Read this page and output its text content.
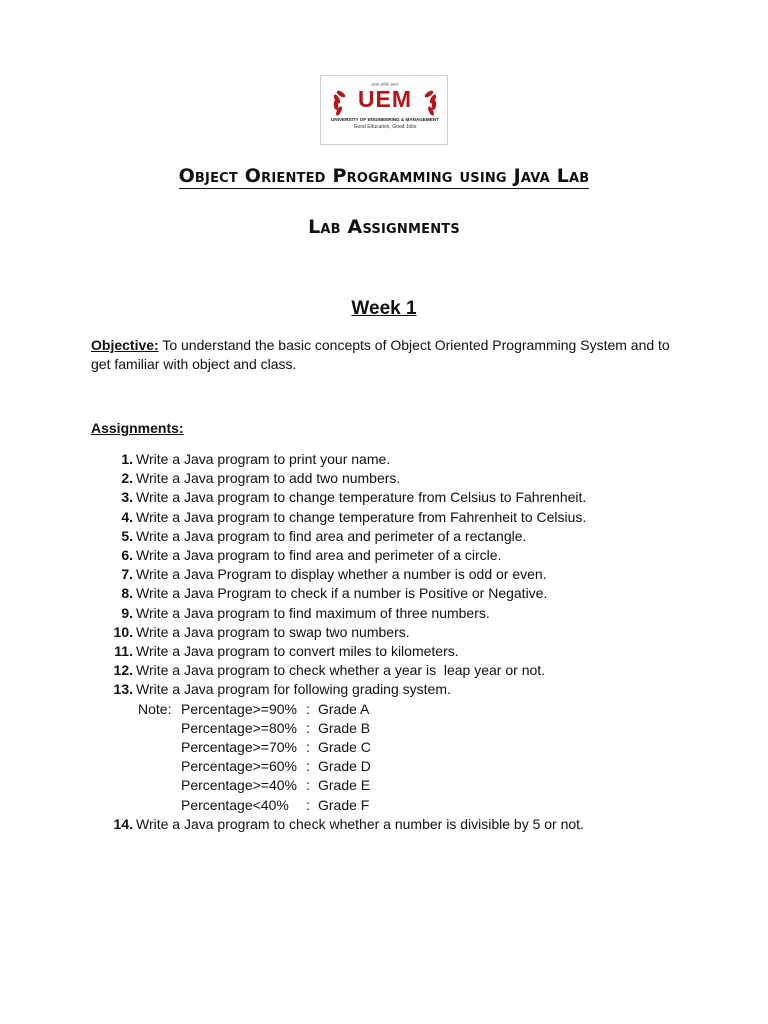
ज्ञानम् शक्ति अनन्त
UEM
UNIVERSITY OF ENGINEERING & MANAGEMENT
Good Education, Good Jobs
Object Oriented Programming using Java Lab
Lab Assignments
Week 1
Objective: To understand the basic concepts of Object Oriented Programming System and to get familiar with object and class.
Assignments:
1. Write a Java program to print your name.
2. Write a Java program to add two numbers.
3. Write a Java program to change temperature from Celsius to Fahrenheit.
4. Write a Java program to change temperature from Fahrenheit to Celsius.
5. Write a Java program to find area and perimeter of a rectangle.
6. Write a Java program to find area and perimeter of a circle.
7. Write a Java Program to display whether a number is odd or even.
8. Write a Java Program to check if a number is Positive or Negative.
9. Write a Java program to find maximum of three numbers.
10. Write a Java program to swap two numbers.
11. Write a Java program to convert miles to kilometers.
12. Write a Java program to check whether a year is  leap year or not.
13. Write a Java program for following grading system.
Note: Percentage>=90% : Grade A
Percentage>=80% : Grade B
Percentage>=70% : Grade C
Percentage>=60% : Grade D
Percentage>=40% : Grade E
Percentage<40% : Grade F
14. Write a Java program to check whether a number is divisible by 5 or not.
